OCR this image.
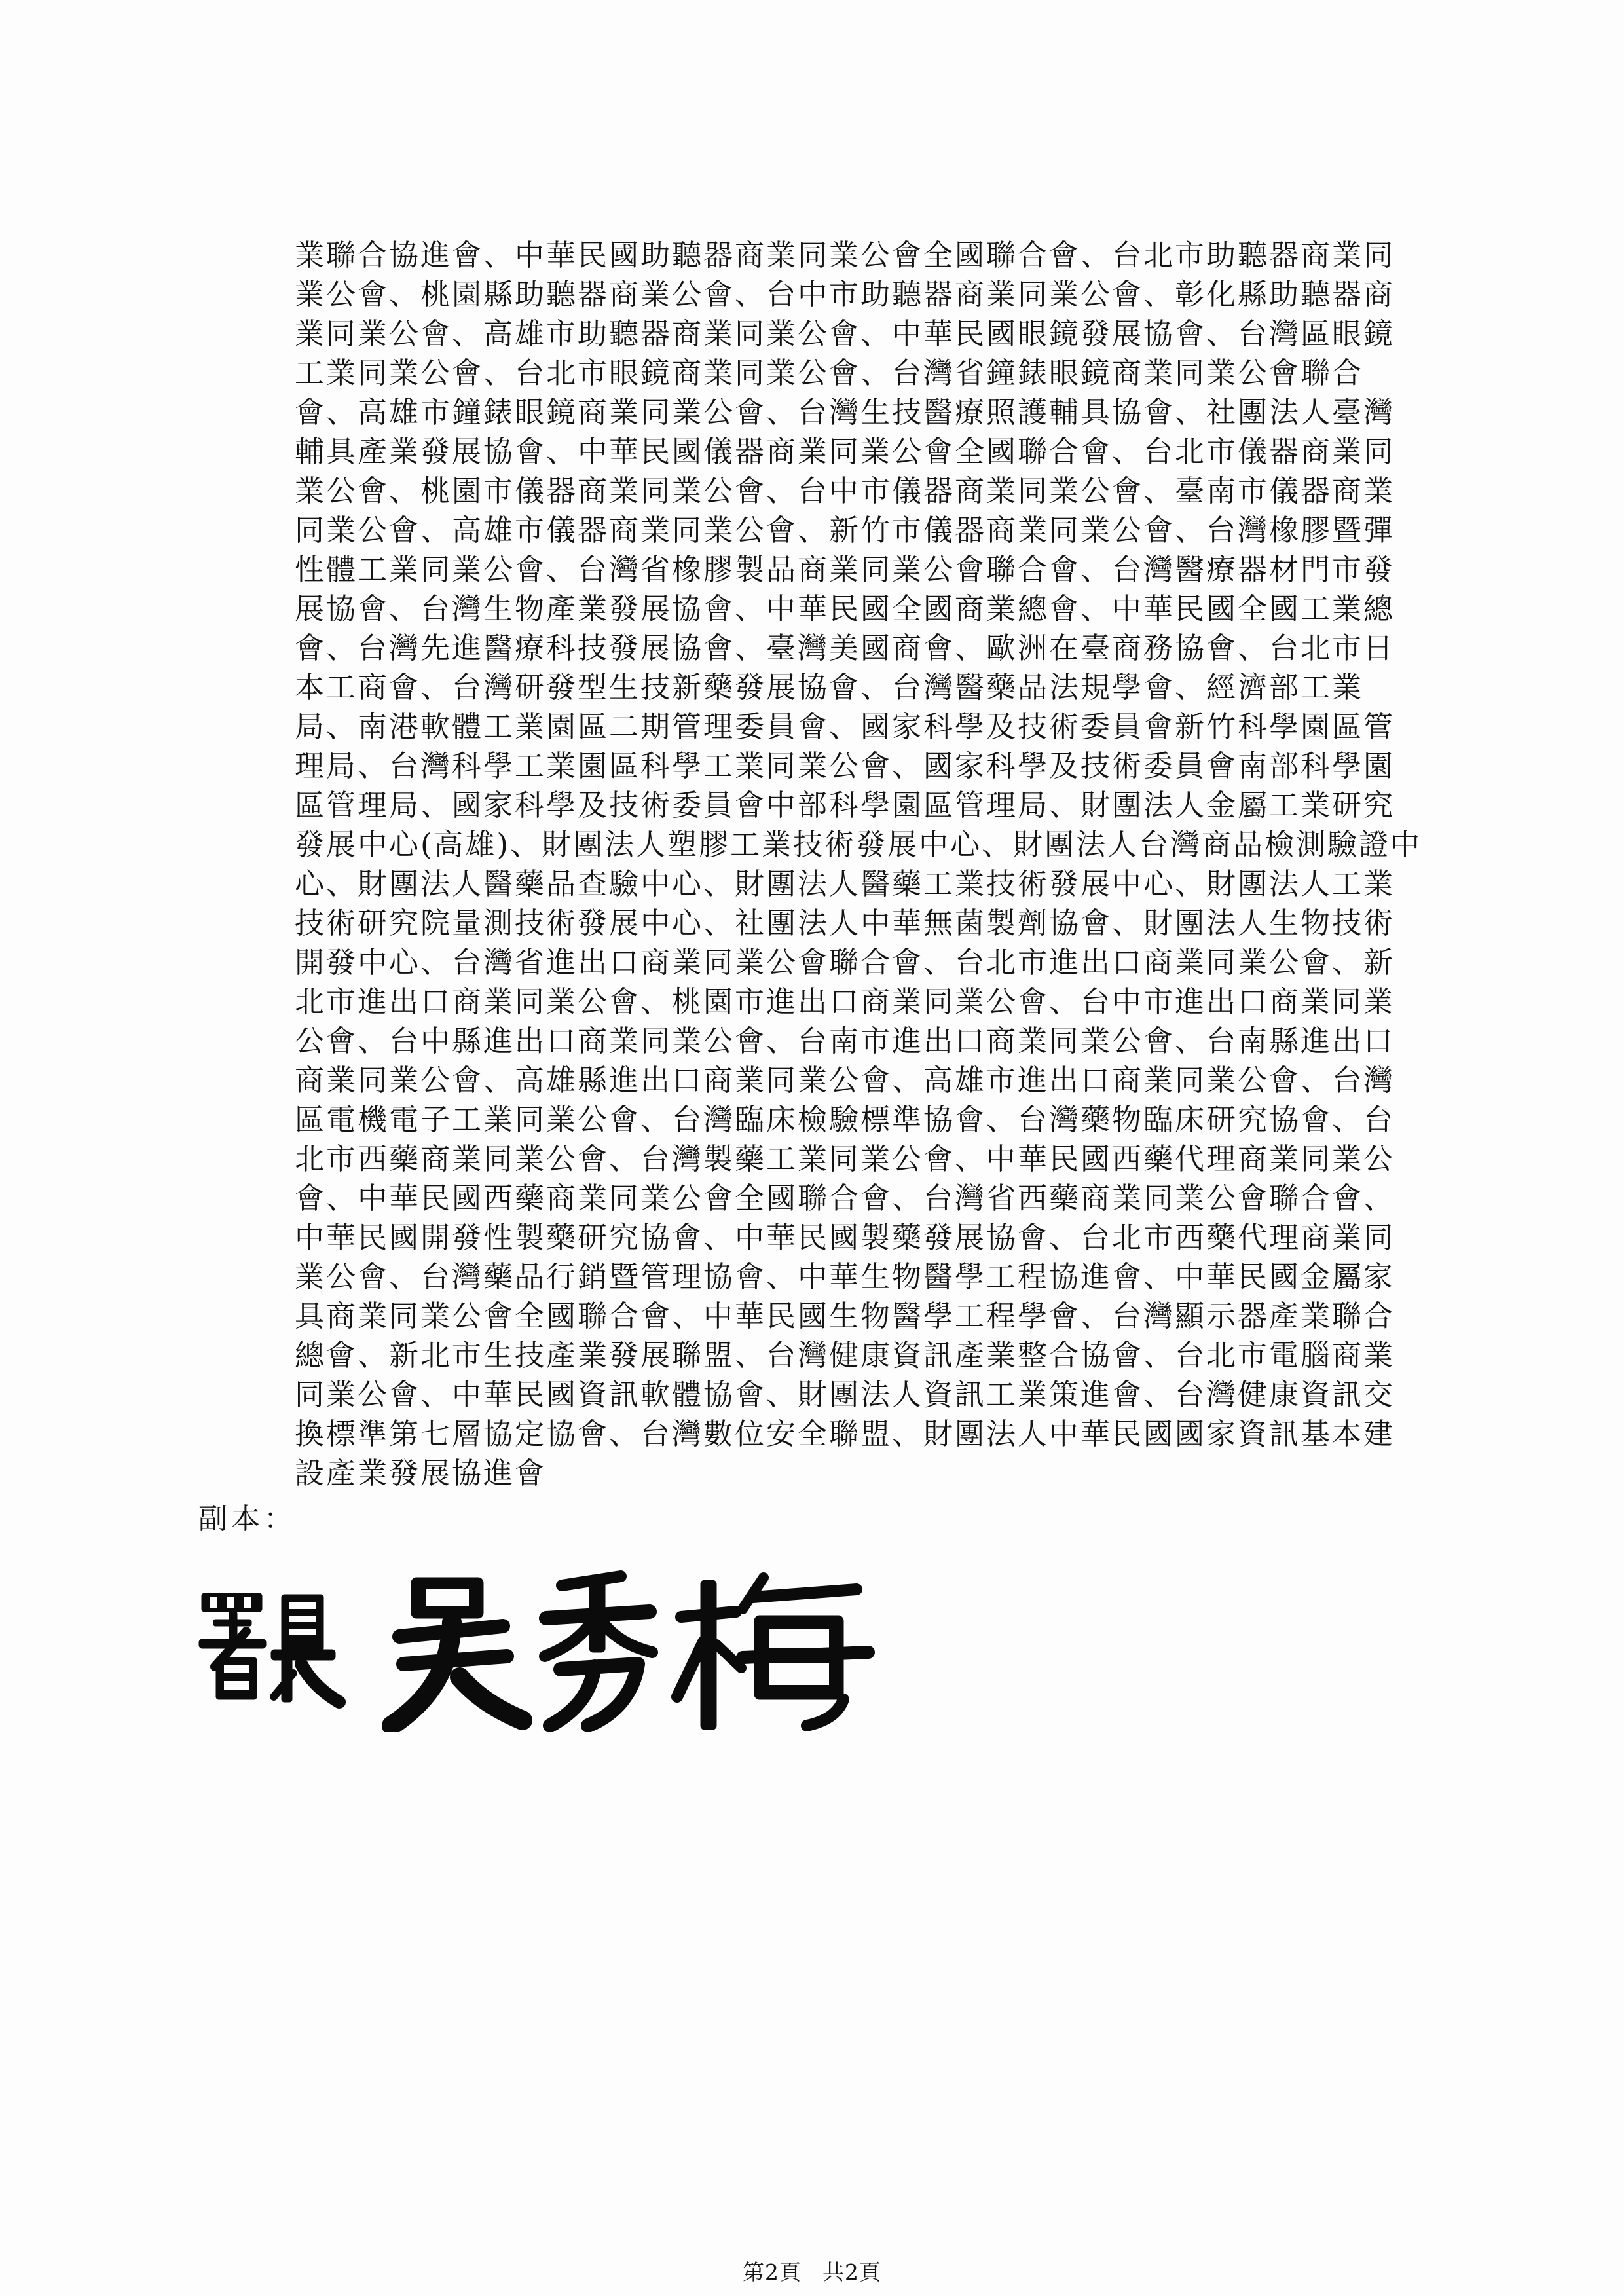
業聯合協進會、中華民國助聽器商業同業公會全國聯合會、台北市助聽器商業同
業公會、桃園縣助聽器商業公會、台中市助聽器商業同業公會、彰化縣助聽器商
業同業公會、高雄市助聽器商業同業公會、中華民國眼鏡發展協會、台灣區眼鏡
工業同業公會、台北市眼鏡商業同業公會、台灣省鐘錶眼鏡商業同業公會聯合
會、高雄市鐘錶眼鏡商業同業公會、台灣生技醫療照護輔具協會、社團法人臺灣
輔具產業發展協會、中華民國儀器商業同業公會全國聯合會、台北市儀器商業同
業公會、桃園市儀器商業同業公會、台中市儀器商業同業公會、臺南市儀器商業
同業公會、高雄市儀器商業同業公會、新竹市儀器商業同業公會、台灣橡膠暨彈
性體工業同業公會、台灣省橡膠製品商業同業公會聯合會、台灣醫療器材門市發
展協會、台灣生物產業發展協會、中華民國全國商業總會、中華民國全國工業總
會、台灣先進醫療科技發展協會、臺灣美國商會、歐洲在臺商務協會、台北市日
本工商會、台灣研發型生技新藥發展協會、台灣醫藥品法規學會、經濟部工業
局、南港軟體工業園區二期管理委員會、國家科學及技術委員會新竹科學園區管
理局、台灣科學工業園區科學工業同業公會、國家科學及技術委員會南部科學園
區管理局、國家科學及技術委員會中部科學園區管理局、財團法人金屬工業研究
發展中心(高雄)、財團法人塑膠工業技術發展中心、財團法人台灣商品檢測驗證中
心、財團法人醫藥品查驗中心、財團法人醫藥工業技術發展中心、財團法人工業
技術研究院量測技術發展中心、社團法人中華無菌製劑協會、財團法人生物技術
開發中心、台灣省進出口商業同業公會聯合會、台北市進出口商業同業公會、新
北市進出口商業同業公會、桃園市進出口商業同業公會、台中市進出口商業同業
公會、台中縣進出口商業同業公會、台南市進出口商業同業公會、台南縣進出口
商業同業公會、高雄縣進出口商業同業公會、高雄市進出口商業同業公會、台灣
區電機電子工業同業公會、台灣臨床檢驗標準協會、台灣藥物臨床研究協會、台
北市西藥商業同業公會、台灣製藥工業同業公會、中華民國西藥代理商業同業公
會、中華民國西藥商業同業公會全國聯合會、台灣省西藥商業同業公會聯合會、
中華民國開發性製藥研究協會、中華民國製藥發展協會、台北市西藥代理商業同
業公會、台灣藥品行銷暨管理協會、中華生物醫學工程協進會、中華民國金屬家
具商業同業公會全國聯合會、中華民國生物醫學工程學會、台灣顯示器產業聯合
總會、新北市生技產業發展聯盟、台灣健康資訊產業整合協會、台北市電腦商業
同業公會、中華民國資訊軟體協會、財團法人資訊工業策進會、台灣健康資訊交
換標準第七層協定協會、台灣數位安全聯盟、財團法人中華民國國家資訊基本建
設產業發展協進會
副本：
第2頁 共2頁
